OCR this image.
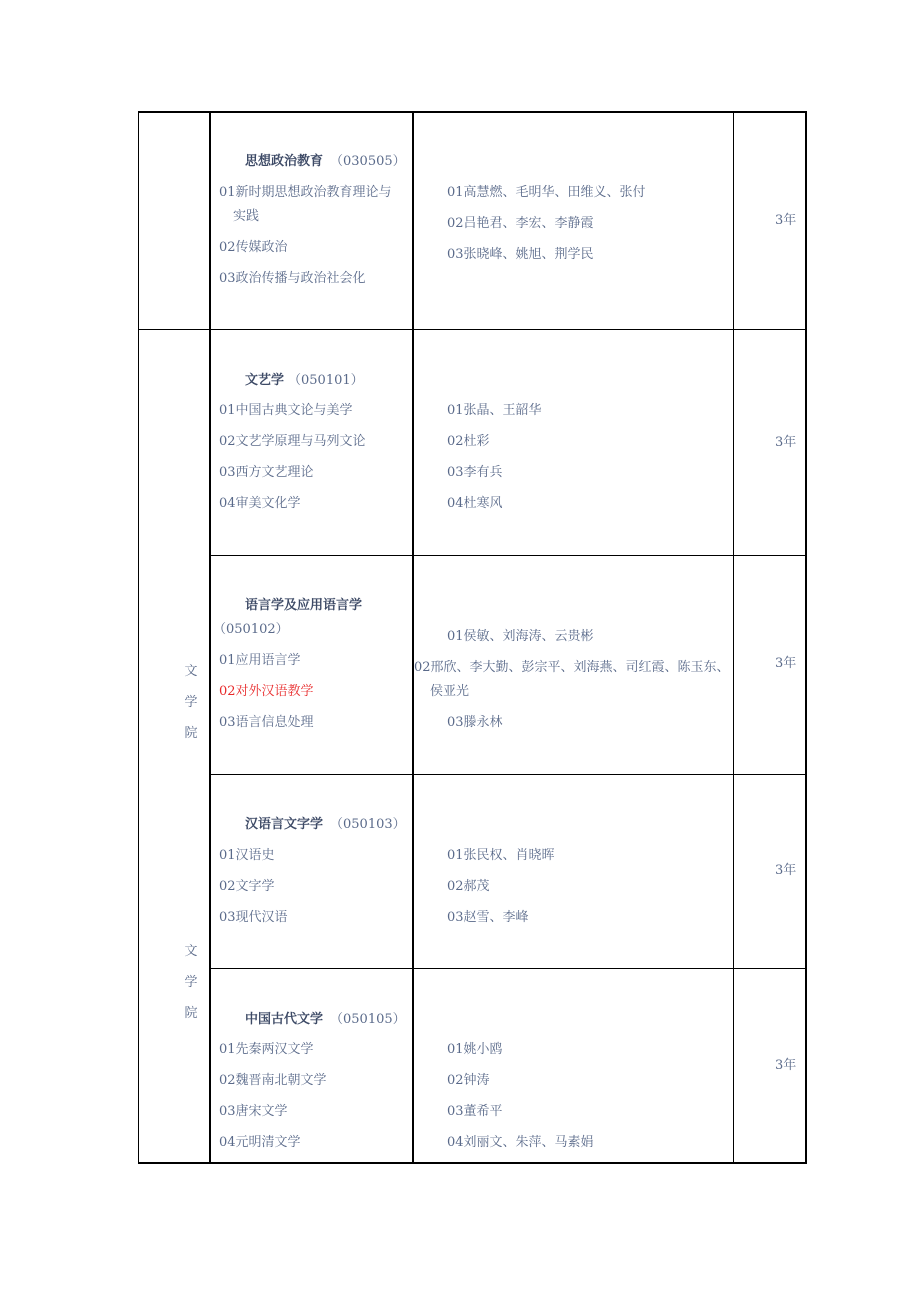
文
学
院
文
学
院
思想政治教育 （030505）
01新时期思想政治教育理论与
实践
02传媒政治
03政治传播与政治社会化
01高慧燃、毛明华、田维义、张付
02吕艳君、李宏、李静霞
03张晓峰、姚旭、荆学民
3年
文艺学 （050101）
01中国古典文论与美学
02文艺学原理与马列文论
03西方文艺理论
04审美文化学
01张晶、王韶华
02杜彩
03李有兵
04杜寒风
3年
语言学及应用语言学
（050102）
01应用语言学
02对外汉语教学
03语言信息处理
01侯敏、刘海涛、云贵彬
02邢欣、李大勤、彭宗平、刘海燕、司红霞、陈玉东、
侯亚光
03滕永林
3年
汉语言文字学 （050103）
01汉语史
02文字学
03现代汉语
01张民权、肖晓晖
02郝茂
03赵雪、李峰
3年
中国古代文学 （050105）
01先秦两汉文学
02魏晋南北朝文学
03唐宋文学
04元明清文学
01姚小鸥
02钟涛
03董希平
04刘丽文、朱萍、马素娟
3年
